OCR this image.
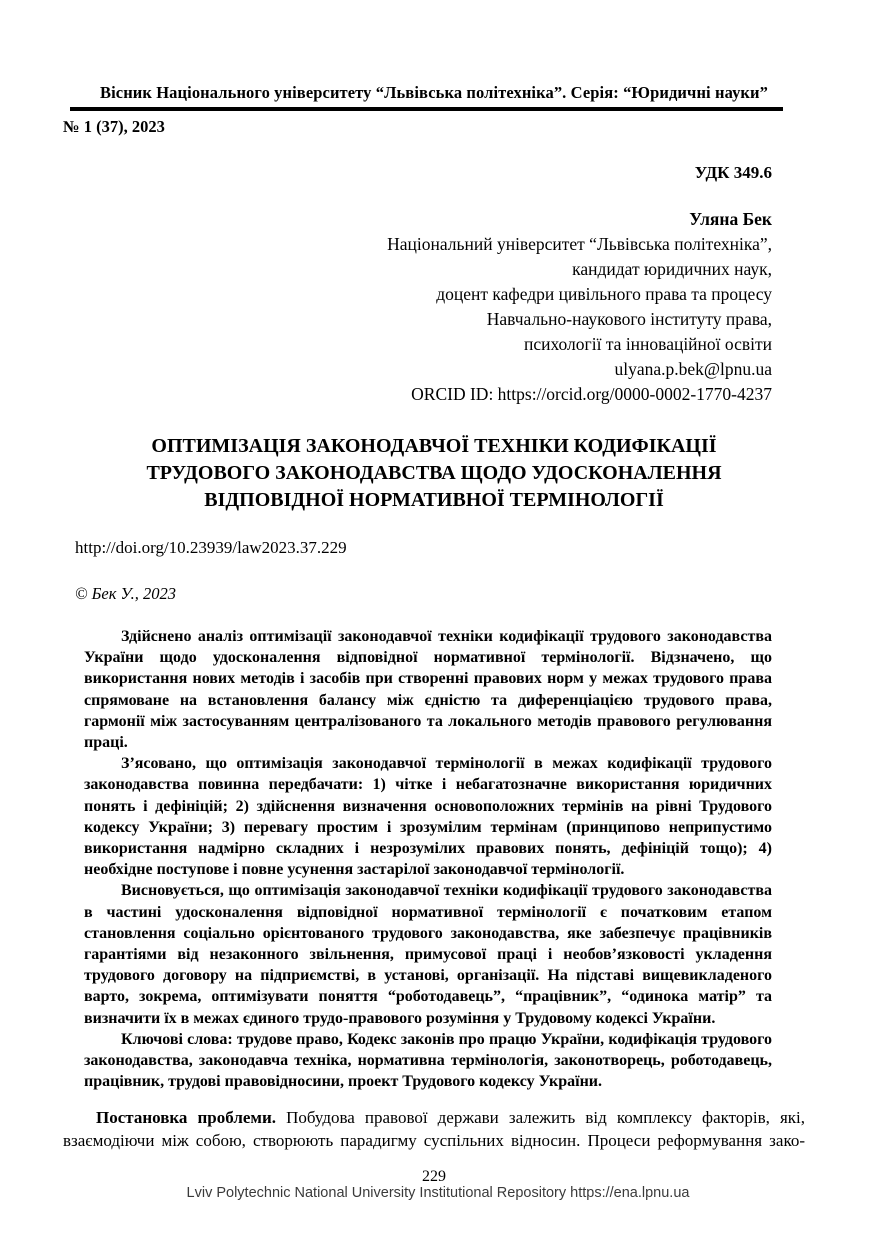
Вісник Національного університету “Львівська політехніка”. Серія: “Юридичні науки”
№ 1 (37), 2023
УДК 349.6
Уляна Бек
Національний університет “Львівська політехніка”,
кандидат юридичних наук,
доцент кафедри цивільного права та процесу
Навчально-наукового інституту права,
психології та інноваційної освіти
ulyana.p.bek@lpnu.ua
ORCID ID: https://orcid.org/0000-0002-1770-4237
ОПТИМІЗАЦІЯ ЗАКОНОДАВЧОЇ ТЕХНІКИ КОДИФІКАЦІЇ ТРУДОВОГО ЗАКОНОДАВСТВА ЩОДО УДОСКОНАЛЕННЯ ВІДПОВІДНОЇ НОРМАТИВНОЇ ТЕРМІНОЛОГІЇ
http://doi.org/10.23939/law2023.37.229
© Бек У., 2023

Здійснено аналіз оптимізації законодавчої техніки кодифікації трудового законодавства України щодо удосконалення відповідної нормативної термінології. Відзначено, що використання нових методів і засобів при створенні правових норм у межах трудового права спрямоване на встановлення балансу між єдністю та диференціацією трудового права, гармонії між застосуванням централізованого та локального методів правового регулювання праці.

З’ясовано, що оптимізація законодавчої термінології в межах кодифікації трудового законодавства повинна передбачати: 1) чітке і небагатозначне використання юридичних понять і дефініцій; 2) здійснення визначення основоположних термінів на рівні Трудового кодексу України; 3) перевагу простим і зрозумілим термінам (принципово неприпустимо використання надмірно складних і незрозумілих правових понять, дефініцій тощо); 4) необхідне поступове і повне усунення застарілої законодавчої термінології.

Висновується, що оптимізація законодавчої техніки кодифікації трудового законодавства в частині удосконалення відповідної нормативної термінології є початковим етапом становлення соціально орієнтованого трудового законодавства, яке забезпечує працівників гарантіями від незаконного звільнення, примусової праці і необов’язковості укладення трудового договору на підприємстві, в установі, організації. На підставі вищевикладеного варто, зокрема, оптимізувати поняття “роботодавець”, “працівник”, “одинока матір” та визначити їх в межах єдиного трудо-правового розуміння у Трудовому кодексі України.

Ключові слова: трудове право, Кодекс законів про працю України, кодифікація трудового законодавства, законодавча техніка, нормативна термінологія, законотворець, роботодавець, працівник, трудові правовідносини, проект Трудового кодексу України.

Постановка проблеми. Побудова правової держави залежить від комплексу факторів, які, взаємодіючи між собою, створюють парадигму суспільних відносин. Процеси реформування зако-

229
Lviv Polytechnic National University Institutional Repository https://ena.lpnu.ua
